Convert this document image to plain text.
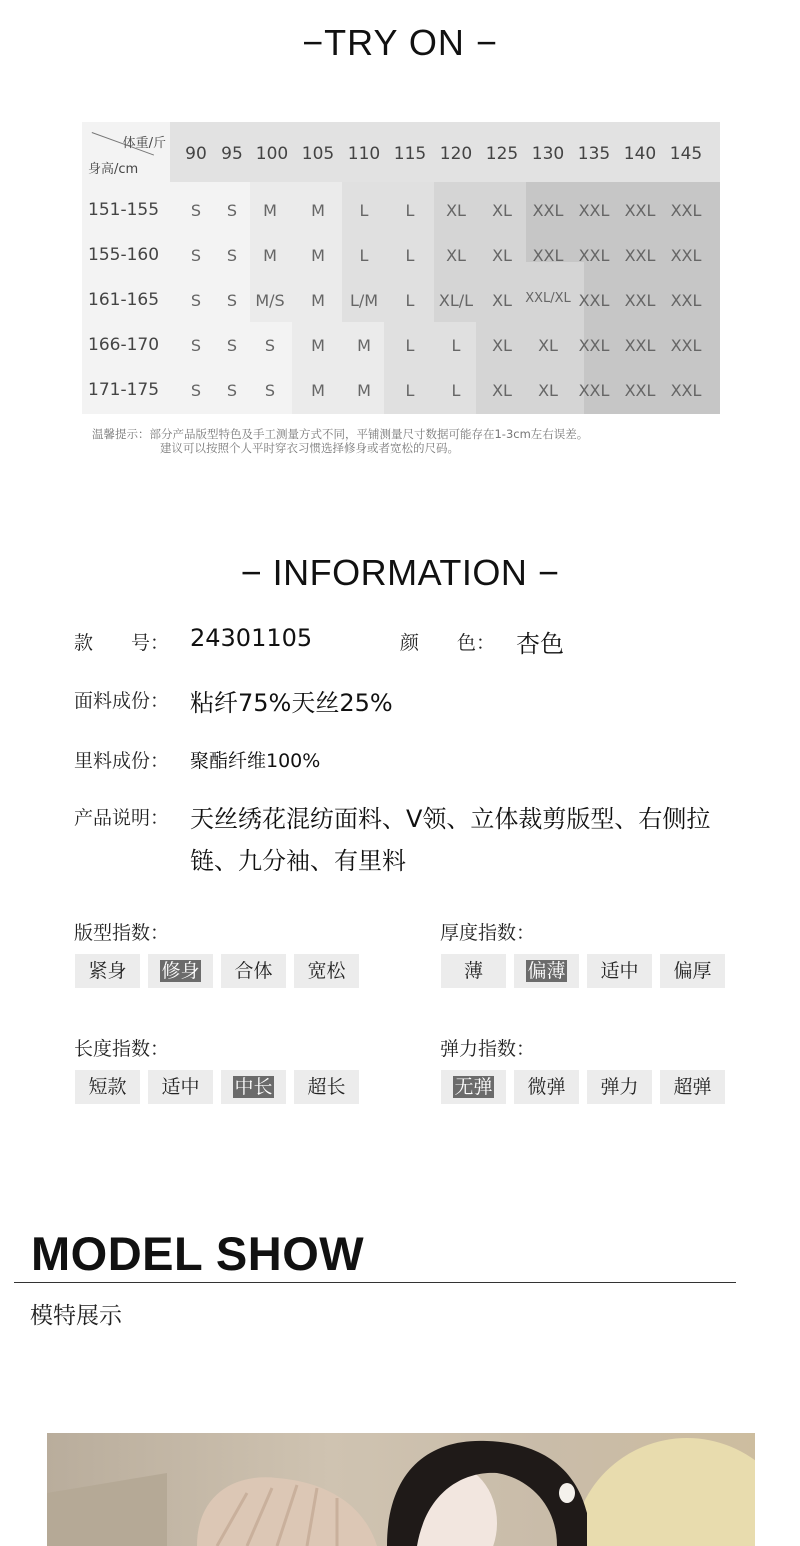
−TRY ON −
体重/斤
身高/cm
90 95 100 105 110 115 120 125 130 135 140 145
151-155	S	S	M	M	L	L	XL	XL	XXL XXL XXL XXL
155-160	S	S	M	M	L	L	XL	XL	XXL XXL XXL XXL
161-165	S	S	M/S	M	L/M	L	XL/L	XL	XXL/XL XXL XXL XXL
166-170	S	S	S	M	M	L	L	XL	XL	XXL XXL XXL
171-175	S	S	S	M	M	L	L	XL	XL	XXL XXL XXL
温馨提示：部分产品版型特色及手工测量方式不同，平铺测量尺寸数据可能存在1-3cm左右误差。
建议可以按照个人平时穿衣习惯选择修身或者宽松的尺码。
− INFORMATION −
款　　号： 24301105	颜　　色： 杏色
面料成份： 粘纤75%天丝25%
里料成份： 聚酯纤维100%
产品说明： 天丝绣花混纺面料、V领、立体裁剪版型、右侧拉链、九分袖、有里料
版型指数：	厚度指数：
长度指数：	弹力指数：
紧身	修身	合体	宽松	薄	偏薄	适中	偏厚
短款	适中	中长	超长	无弹	微弹	弹力	超弹
MODEL SHOW
模特展示
